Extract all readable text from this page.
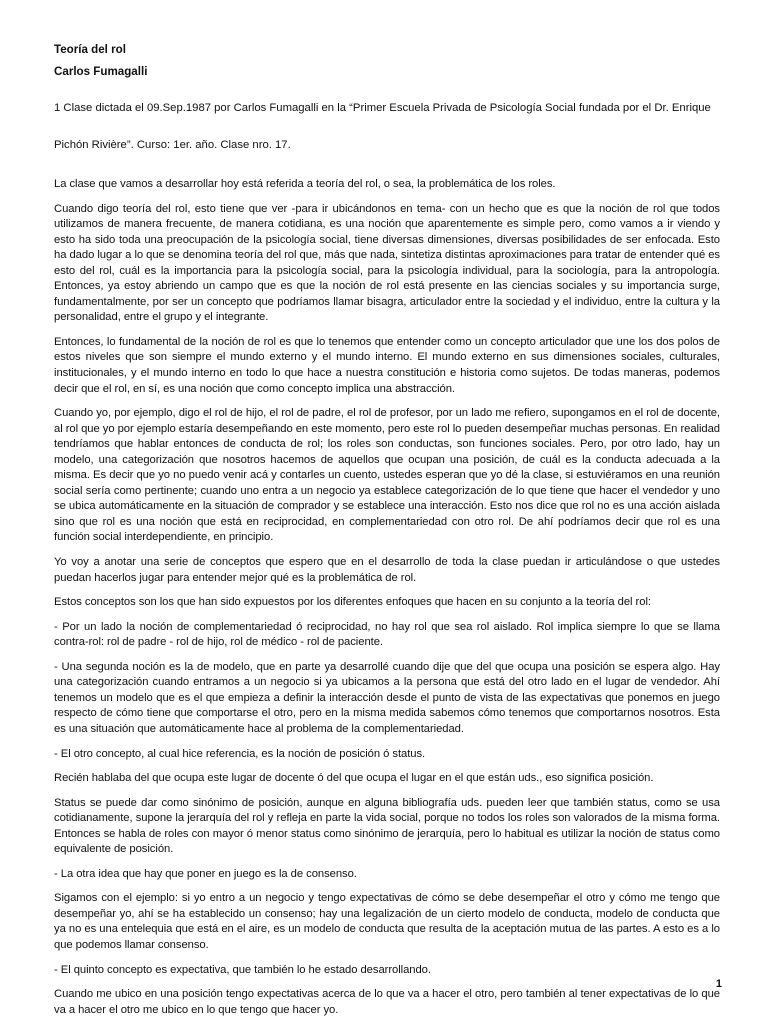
Teoría del rol
Carlos Fumagalli

1 Clase dictada el 09.Sep.1987 por Carlos Fumagalli en la “Primer Escuela Privada de Psicología Social fundada por el Dr. Enrique

Pichón Rivière”. Curso: 1er. año. Clase nro. 17.

La clase que vamos a desarrollar hoy está referida a teoría del rol, o sea, la problemática de los roles.

Cuando digo teoría del rol, esto tiene que ver -para ir ubicándonos en tema- con un hecho que es que la noción de rol que todos utilizamos de manera frecuente, de manera cotidiana, es una noción que aparentemente es simple pero, como vamos a ir viendo y esto ha sido toda una preocupación de la psicología social, tiene diversas dimensiones, diversas posibilidades de ser enfocada. Esto ha dado lugar a lo que se denomina teoría del rol que, más que nada, sintetiza distintas aproximaciones para tratar de entender qué es esto del rol, cuál es la importancia para la psicología social, para la psicología individual, para la sociología, para la antropología. Entonces, ya estoy abriendo un campo que es que la noción de rol está presente en las ciencias sociales y su importancia surge, fundamentalmente, por ser un concepto que podríamos llamar bisagra, articulador entre la sociedad y el individuo, entre la cultura y la personalidad, entre el grupo y el integrante.

Entonces, lo fundamental de la noción de rol es que lo tenemos que entender como un concepto articulador que une los dos polos de estos niveles que son siempre el mundo externo y el mundo interno. El mundo externo en sus dimensiones sociales, culturales, institucionales, y el mundo interno en todo lo que hace a nuestra constitución e historia como sujetos. De todas maneras, podemos decir que el rol, en sí, es una noción que como concepto implica una abstracción.

Cuando yo, por ejemplo, digo el rol de hijo, el rol de padre, el rol de profesor, por un lado me refiero, supongamos en el rol de docente, al rol que yo por ejemplo estaría desempeñando en este momento, pero este rol lo pueden desempeñar muchas personas. En realidad tendríamos que hablar entonces de conducta de rol; los roles son conductas, son funciones sociales. Pero, por otro lado, hay un modelo, una categorización que nosotros hacemos de aquellos que ocupan una posición, de cuál es la conducta adecuada a la misma. Es decir que yo no puedo venir acá y contarles un cuento, ustedes esperan que yo dé la clase, si estuviéramos en una reunión social sería como pertinente; cuando uno entra a un negocio ya establece categorización de lo que tiene que hacer el vendedor y uno se ubica automáticamente en la situación de comprador y se establece una interacción. Esto nos dice que rol no es una acción aislada sino que rol es una noción que está en reciprocidad, en complementariedad con otro rol. De ahí podríamos decir que rol es una función social interdependiente, en principio.

Yo voy a anotar una serie de conceptos que espero que en el desarrollo de toda la clase puedan ir articulándose o que ustedes puedan hacerlos jugar para entender mejor qué es la problemática de rol.

Estos conceptos son los que han sido expuestos por los diferentes enfoques que hacen en su conjunto a la teoría del rol:

- Por un lado la noción de complementariedad ó reciprocidad, no hay rol que sea rol aislado. Rol implica siempre lo que se llama contra-rol: rol de padre - rol de hijo, rol de médico - rol de paciente.

- Una segunda noción es la de modelo, que en parte ya desarrollé cuando dije que del que ocupa una posición se espera algo. Hay una categorización cuando entramos a un negocio si ya ubicamos a la persona que está del otro lado en el lugar de vendedor. Ahí tenemos un modelo que es el que empieza a definir la interacción desde el punto de vista de las expectativas que ponemos en juego respecto de cómo tiene que comportarse el otro, pero en la misma medida sabemos cómo tenemos que comportarnos nosotros. Esta es una situación que automáticamente hace al problema de la complementariedad.

- El otro concepto, al cual hice referencia, es la noción de posición ó status.

Recién hablaba del que ocupa este lugar de docente ó del que ocupa el lugar en el que están uds., eso significa posición.

Status se puede dar como sinónimo de posición, aunque en alguna bibliografía uds. pueden leer que también status, como se usa cotidianamente, supone la jerarquía del rol y refleja en parte la vida social, porque no todos los roles son valorados de la misma forma. Entonces se habla de roles con mayor ó menor status como sinónimo de jerarquía, pero lo habitual es utilizar la noción de status como equivalente de posición.

- La otra idea que hay que poner en juego es la de consenso.

Sigamos con el ejemplo: si yo entro a un negocio y tengo expectativas de cómo se debe desempeñar el otro y cómo me tengo que desempeñar yo, ahí se ha establecido un consenso; hay una legalización de un cierto modelo de conducta, modelo de conducta que ya no es una entelequia que está en el aire, es un modelo de conducta que resulta de la aceptación mutua de las partes. A esto es a lo que podemos llamar consenso.

- El quinto concepto es expectativa, que también lo he estado desarrollando.

Cuando me ubico en una posición tengo expectativas acerca de lo que va a hacer el otro, pero también al tener expectativas de lo que va a hacer el otro me ubico en lo que tengo que hacer yo.

1
